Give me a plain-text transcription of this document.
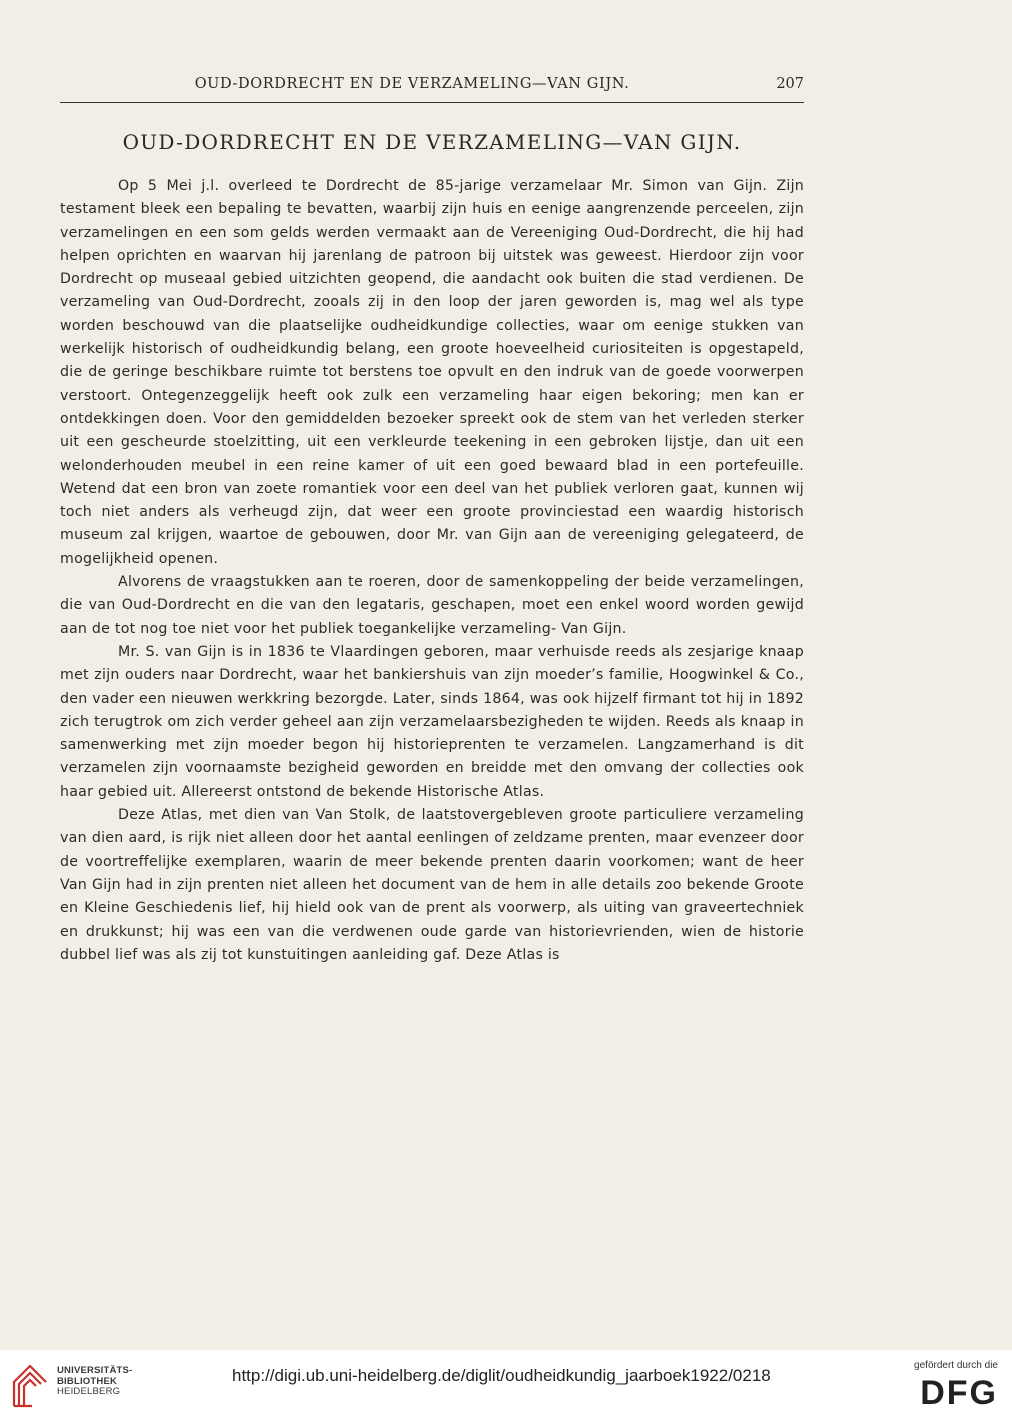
OUD-DORDRECHT EN DE VERZAMELING—VAN GIJN.	207
OUD-DORDRECHT EN DE VERZAMELING—VAN GIJN.

Op 5 Mei j.l. overleed te Dordrecht de 85-jarige verzamelaar Mr. Simon van Gijn. Zijn testament bleek een bepaling te bevatten, waarbij zijn huis en eenige aangrenzende perceelen, zijn verzamelingen en een som gelds werden vermaakt aan de Vereeniging Oud-Dordrecht, die hij had helpen oprichten en waarvan hij jarenlang de patroon bij uitstek was geweest. Hierdoor zijn voor Dordrecht op museaal gebied uitzichten geopend, die aandacht ook buiten die stad verdienen. De verzameling van Oud-Dordrecht, zooals zij in den loop der jaren geworden is, mag wel als type worden beschouwd van die plaatselijke oudheidkundige collecties, waar om eenige stukken van werkelijk historisch of oudheidkundig belang, een groote hoeveelheid curiositeiten is opgestapeld, die de geringe beschikbare ruimte tot berstens toe opvult en den indruk van de goede voorwerpen verstoort. Ontegenzeggelijk heeft ook zulk een verzameling haar eigen bekoring; men kan er ontdekkingen doen. Voor den gemiddelden bezoeker spreekt ook de stem van het verleden sterker uit een gescheurde stoelzitting, uit een verkleurde teekening in een gebroken lijstje, dan uit een welonderhouden meubel in een reine kamer of uit een goed bewaard blad in een portefeuille. Wetend dat een bron van zoete romantiek voor een deel van het publiek verloren gaat, kunnen wij toch niet anders als verheugd zijn, dat weer een groote provinciestad een waardig historisch museum zal krijgen, waartoe de gebouwen, door Mr. van Gijn aan de vereeniging gelegateerd, de mogelijkheid openen.

Alvorens de vraagstukken aan te roeren, door de samenkoppeling der beide verzamelingen, die van Oud-Dordrecht en die van den legataris, geschapen, moet een enkel woord worden gewijd aan de tot nog toe niet voor het publiek toegankelijke verzameling- Van Gijn.

Mr. S. van Gijn is in 1836 te Vlaardingen geboren, maar verhuisde reeds als zesjarige knaap met zijn ouders naar Dordrecht, waar het bankiershuis van zijn moeder’s familie, Hoogwinkel & Co., den vader een nieuwen werkkring bezorgde. Later, sinds 1864, was ook hijzelf firmant tot hij in 1892 zich terugtrok om zich verder geheel aan zijn verzamelaarsbezigheden te wijden. Reeds als knaap in samenwerking met zijn moeder begon hij historieprenten te verzamelen. Langzamerhand is dit verzamelen zijn voornaamste bezigheid geworden en breidde met den omvang der collecties ook haar gebied uit. Allereerst ontstond de bekende Historische Atlas.

Deze Atlas, met dien van Van Stolk, de laatstovergebleven groote particuliere verzameling van dien aard, is rijk niet alleen door het aantal eenlingen of zeldzame prenten, maar evenzeer door de voortreffelijke exemplaren, waarin de meer bekende prenten daarin voorkomen; want de heer Van Gijn had in zijn prenten niet alleen het document van de hem in alle details zoo bekende Groote en Kleine Geschiedenis lief, hij hield ook van de prent als voorwerp, als uiting van graveertechniek en drukkunst; hij was een van die verdwenen oude garde van historievrienden, wien de historie dubbel lief was als zij tot kunstuitingen aanleiding gaf. Deze Atlas is

UNIVERSITÄTS-
BIBLIOTHEK
HEIDELBERG
http://digi.ub.uni-heidelberg.de/diglit/oudheidkundig_jaarboek1922/0218
gefördert durch die
DFG
